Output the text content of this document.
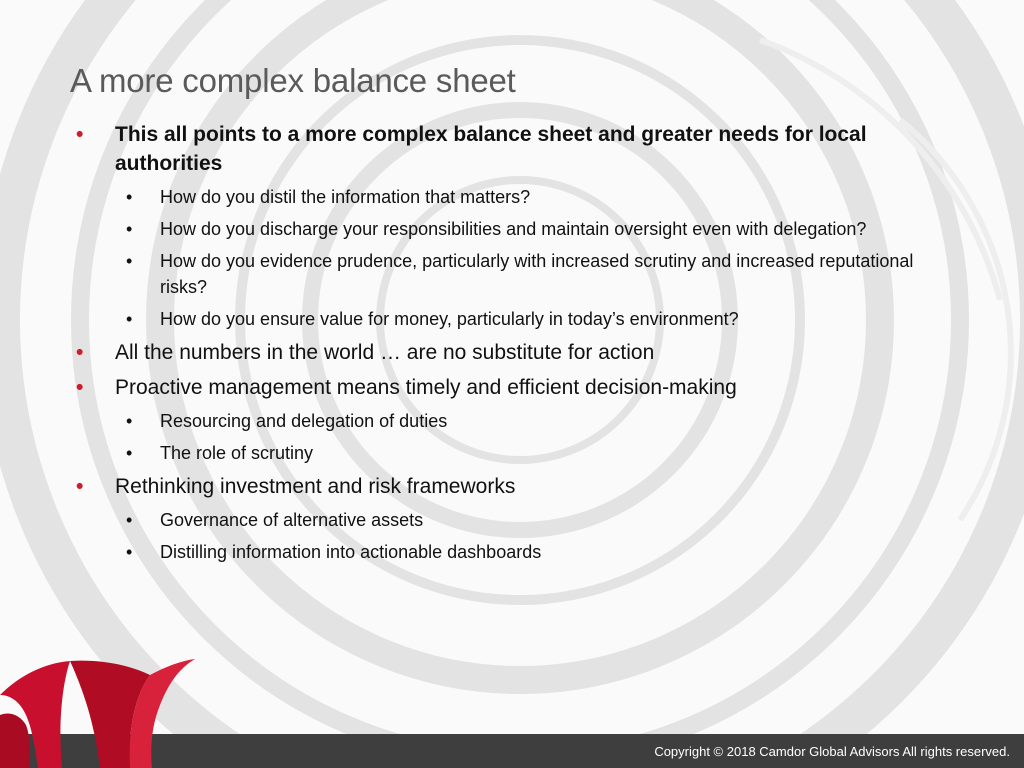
A more complex balance sheet
• This all points to a more complex balance sheet and greater needs for local authorities
• How do you distil the information that matters?
• How do you discharge your responsibilities and maintain oversight even with delegation?
• How do you evidence prudence, particularly with increased scrutiny and increased reputational risks?
• How do you ensure value for money, particularly in today’s environment?
• All the numbers in the world … are no substitute for action
• Proactive management means timely and efficient decision-making
• Resourcing and delegation of duties
• The role of scrutiny
• Rethinking investment and risk frameworks
• Governance of alternative assets
• Distilling information into actionable dashboards
Copyright © 2018 Camdor Global Advisors All rights reserved.
